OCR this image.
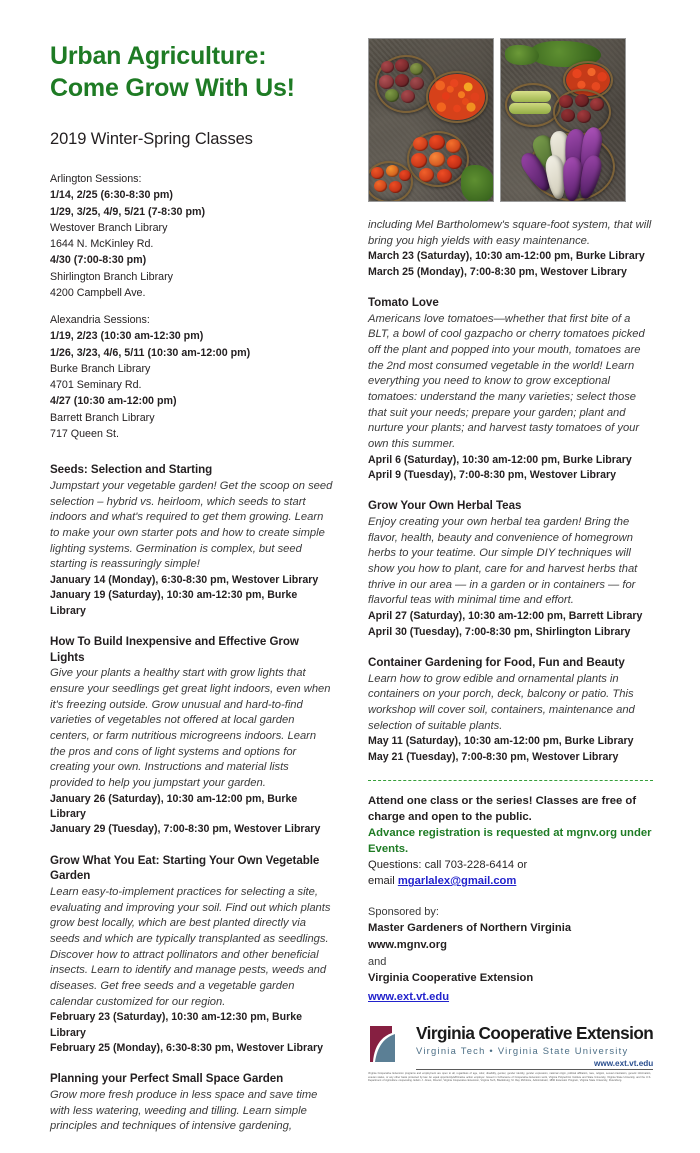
Urban Agriculture:
Come Grow With Us!
2019 Winter-Spring Classes
Arlington Sessions:
1/14, 2/25 (6:30-8:30 pm)
1/29, 3/25, 4/9, 5/21 (7-8:30 pm)
Westover Branch Library
1644 N. McKinley Rd.
4/30 (7:00-8:30 pm)
Shirlington Branch Library
4200 Campbell Ave.
Alexandria Sessions:
1/19, 2/23 (10:30 am-12:30 pm)
1/26, 3/23, 4/6, 5/11 (10:30 am-12:00 pm)
Burke Branch Library
4701 Seminary Rd.
4/27 (10:30 am-12:00 pm)
Barrett Branch Library
717 Queen St.
Seeds: Selection and Starting
Jumpstart your vegetable garden! Get the scoop on seed selection – hybrid vs. heirloom, which seeds to start indoors and what's required to get them growing. Learn to make your own starter pots and how to create simple lighting systems. Germination is complex, but seed starting is reassuringly simple!
January 14 (Monday), 6:30-8:30 pm, Westover Library
January 19 (Saturday), 10:30 am-12:30 pm, Burke Library
How To Build Inexpensive and Effective Grow Lights
Give your plants a healthy start with grow lights that ensure your seedlings get great light indoors, even when it's freezing outside. Grow unusual and hard-to-find varieties of vegetables not offered at local garden centers, or farm nutritious microgreens indoors. Learn the pros and cons of light systems and options for creating your own. Instructions and material lists provided to help you jumpstart your garden.
January 26 (Saturday), 10:30 am-12:00 pm, Burke Library
January 29 (Tuesday), 7:00-8:30 pm, Westover Library
Grow What You Eat: Starting Your Own Vegetable Garden
Learn easy-to-implement practices for selecting a site, evaluating and improving your soil. Find out which plants grow best locally, which are best planted directly via seeds and which are typically transplanted as seedlings. Discover how to attract pollinators and other beneficial insects. Learn to identify and manage pests, weeds and diseases. Get free seeds and a vegetable garden calendar customized for our region.
February 23 (Saturday), 10:30 am-12:30 pm, Burke Library
February 25 (Monday), 6:30-8:30 pm, Westover Library
Planning your Perfect Small Space Garden
Grow more fresh produce in less space and save time with less watering, weeding and tilling. Learn simple principles and techniques of intensive gardening,
including Mel Bartholomew's square-foot system, that will bring you high yields with easy maintenance.
March 23 (Saturday), 10:30 am-12:00 pm, Burke Library
March 25 (Monday), 7:00-8:30 pm, Westover Library
Tomato Love
Americans love tomatoes—whether that first bite of a BLT, a bowl of cool gazpacho or cherry tomatoes picked off the plant and popped into your mouth, tomatoes are the 2nd most consumed vegetable in the world! Learn everything you need to know to grow exceptional tomatoes: understand the many varieties; select those that suit your needs; prepare your garden; plant and nurture your plants; and harvest tasty tomatoes of your own this summer.
April 6 (Saturday), 10:30 am-12:00 pm, Burke Library
April 9 (Tuesday), 7:00-8:30 pm, Westover Library
Grow Your Own Herbal Teas
Enjoy creating your own herbal tea garden! Bring the flavor, health, beauty and convenience of homegrown herbs to your teatime. Our simple DIY techniques will show you how to plant, care for and harvest herbs that thrive in our area — in a garden or in containers — for flavorful teas with minimal time and effort.
April 27 (Saturday), 10:30 am-12:00 pm, Barrett Library
April 30 (Tuesday), 7:00-8:30 pm, Shirlington Library
Container Gardening for Food, Fun and Beauty
Learn how to grow edible and ornamental plants in containers on your porch, deck, balcony or patio. This workshop will cover soil, containers, maintenance and selection of suitable plants.
May 11 (Saturday), 10:30 am-12:00 pm, Burke Library
May 21 (Tuesday), 7:00-8:30 pm, Westover Library
Attend one class or the series! Classes are free of
charge and open to the public.
Advance registration is requested at mgnv.org under
Events.
Questions: call 703-228-6414 or
email mgarlalex@gmail.com
Sponsored by:
Master Gardeners of Northern Virginia
www.mgnv.org
and
Virginia Cooperative Extension
www.ext.vt.edu
Virginia Cooperative Extension
Virginia Tech • Virginia State University
www.ext.vt.edu
Virginia Cooperative Extension programs and employment are open to all, regardless of age, color, disability, gender, gender identity, gender expression, national origin, political affiliation, race, religion, sexual orientation, genetic information, veteran status, or any other basis protected by law. An equal opportunity/affirmative action employer. Issued in furtherance of Cooperative Extension work, Virginia Polytechnic Institute and State University, Virginia State University, and the U.S. Department of Agriculture cooperating. Edwin J. Jones, Director, Virginia Cooperative Extension, Virginia Tech, Blacksburg; M. Ray McKinnie, Administrator, 1890 Extension Program, Virginia State University, Petersburg.
